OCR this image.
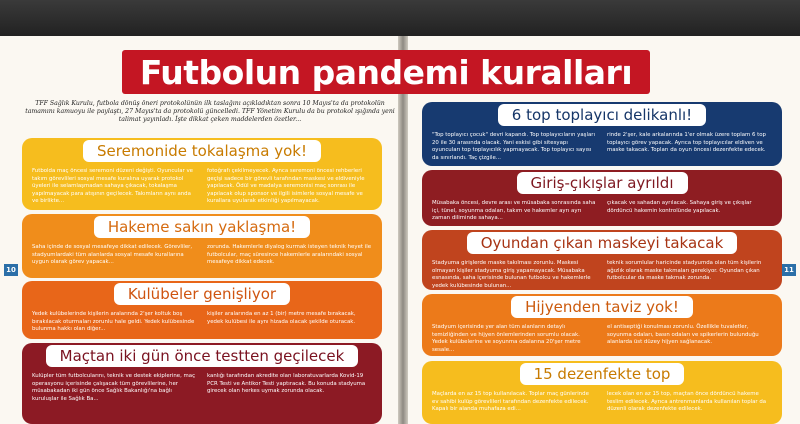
Futbolun pandemi kuralları
TFF Sağlık Kurulu, futbola dönüş öneri protokolünün ilk taslağını açıkladıktan sonra 10 Mayıs'ta da protokolün tamamını kamuoyu ile paylaştı, 27 Mayıs'ta da protokolü güncelledi. TFF Yönetim Kurulu da bu protokol ışığında yeni talimat yayınladı. İşte dikkat çeken maddelerden özetler...
Seremonide tokalaşma yok!

Futbolda maç öncesi seremoni düzeni değişti. Oyuncular ve takım görevlileri sosyal mesafe kuralına uyarak protokol üyeleri ile selamlaşmadan sahaya çıkacak, tokalaşma yapılmayacak para atışının geçilecek. Takımların aynı anda ve birlikte...

fotoğrafı çekilmeyecek. Aynca seremoni öncesi rehberleri geçişi sadece bir görevli tarafından maskesi ve eldiveniyle yapılacak. Ödül ve madalya seremonisi maç sonrası ile yapılacak olup sponsor ve ilgili isimlerle sosyal mesafe ve kurallara uyularak etkinliği yapılmayacak.

Hakeme sakın yaklaşma!

Saha içinde de sosyal mesafeye dikkat edilecek. Görevliler, stadyumlardaki tüm alanlarda sosyal mesafe kurallarına uygun olarak görev yapacak...

zorunda. Hakemlerle diyalog kurmak isteyen teknik heyet ile futbolcular, maç süresince hakemlerle aralarındaki sosyal mesafeye dikkat edecek.

Kulübeler genişliyor

Yedek kulübelerinde kişilerin aralarında 2'şer koltuk boş bırakılacak oturmaları zorunlu hale geldi. Yedek kulübesinde bulunma hakkı olan diğer...

kişiler aralarında en az 1 (bir) metre mesafe bırakacak, yedek kulübesi ile aynı hizada olacak şekilde oturacak.

Maçtan iki gün önce testten geçilecek

Kulüpler tüm futbolcularını, teknik ve destek ekiplerine, maç operasyonu içerisinde çalışacak tüm görevlilerine, her müsabakadan iki gün önce Sağlık Bakanlığı'na bağlı kuruluşlar ile Sağlık Ba...

kanlığı tarafından akredite olan laboratuvarlarda Kovid-19 PCR Testi ve Antikor Testi yaptıracak. Bu konuda stadyuma girecek olan herkes uymak zorunda olacak.

6 top toplayıcı delikanlı!

"Top toplayıcı çocuk" devri kapandı. Top toplayıcıların yaşları 20 ile 30 arasında olacak. Yani eskisi gibi sitesyapı oyuncuları top toplayıcılık yapmayacak. Top toplayıcı sayısı da sınırlandı. Taç çizgile...

rinde 2'şer, kale arkalarında 1'er olmak üzere toplam 6 top toplayıcı görev yapacak. Ayrıca top toplayıcılar eldiven ve maske takacak. Topları da oyun öncesi dezenfekte edecek.

Giriş-çıkışlar ayrıldı

Müsabaka öncesi, devre arası ve müsabaka sonrasında saha içi, tünel, soyunma odaları, takım ve hakemler ayrı ayrı zaman diliminde sahaya...

çıkacak ve sahadan ayrılacak. Sahaya giriş ve çıkışlar dördüncü hakemin kontrolünde yapılacak.

Oyundan çıkan maskeyi takacak

Stadyuma girişlerde maske takılması zorunlu. Maskesi olmayan kişiler stadyuma giriş yapamayacak. Müsabaka esnasında, saha içerisinde bulunan futbolcu ve hakemlerle yedek kulübesinde bulunan...

teknik sorumlular haricinde stadyumda olan tüm kişilerin ağızlık olarak maske takmaları gerekiyor. Oyundan çıkan futbolcular da maske takmak zorunda.

Hijyenden taviz yok!

Stadyum içerisinde yer alan tüm alanların detaylı temizliğinden ve hijyen önlemlerinden sorumlu olacak. Yedek kulübelerine ve soyunma odalarına 20'şer metre sesale...

el antiseptiği konulması zorunlu. Özellikle tuvaletler, soyunma odaları, basın odaları ve spikerlerin bulunduğu alanlarda üst düzey hijyen sağlanacak.

15 dezenfekte top

Maçlarda en az 15 top kullanılacak. Toplar maç günlerinde ev sahibi kulüp görevlileri tarafından dezenfekte edilecek. Kapalı bir alanda muhafaza edi...

lecek olan en az 15 top, maçtan önce dördüncü hakeme teslim edilecek. Ayrıca antrenmanlarda kullanılan toplar da düzenli olarak dezenfekte edilecek.

10	11
